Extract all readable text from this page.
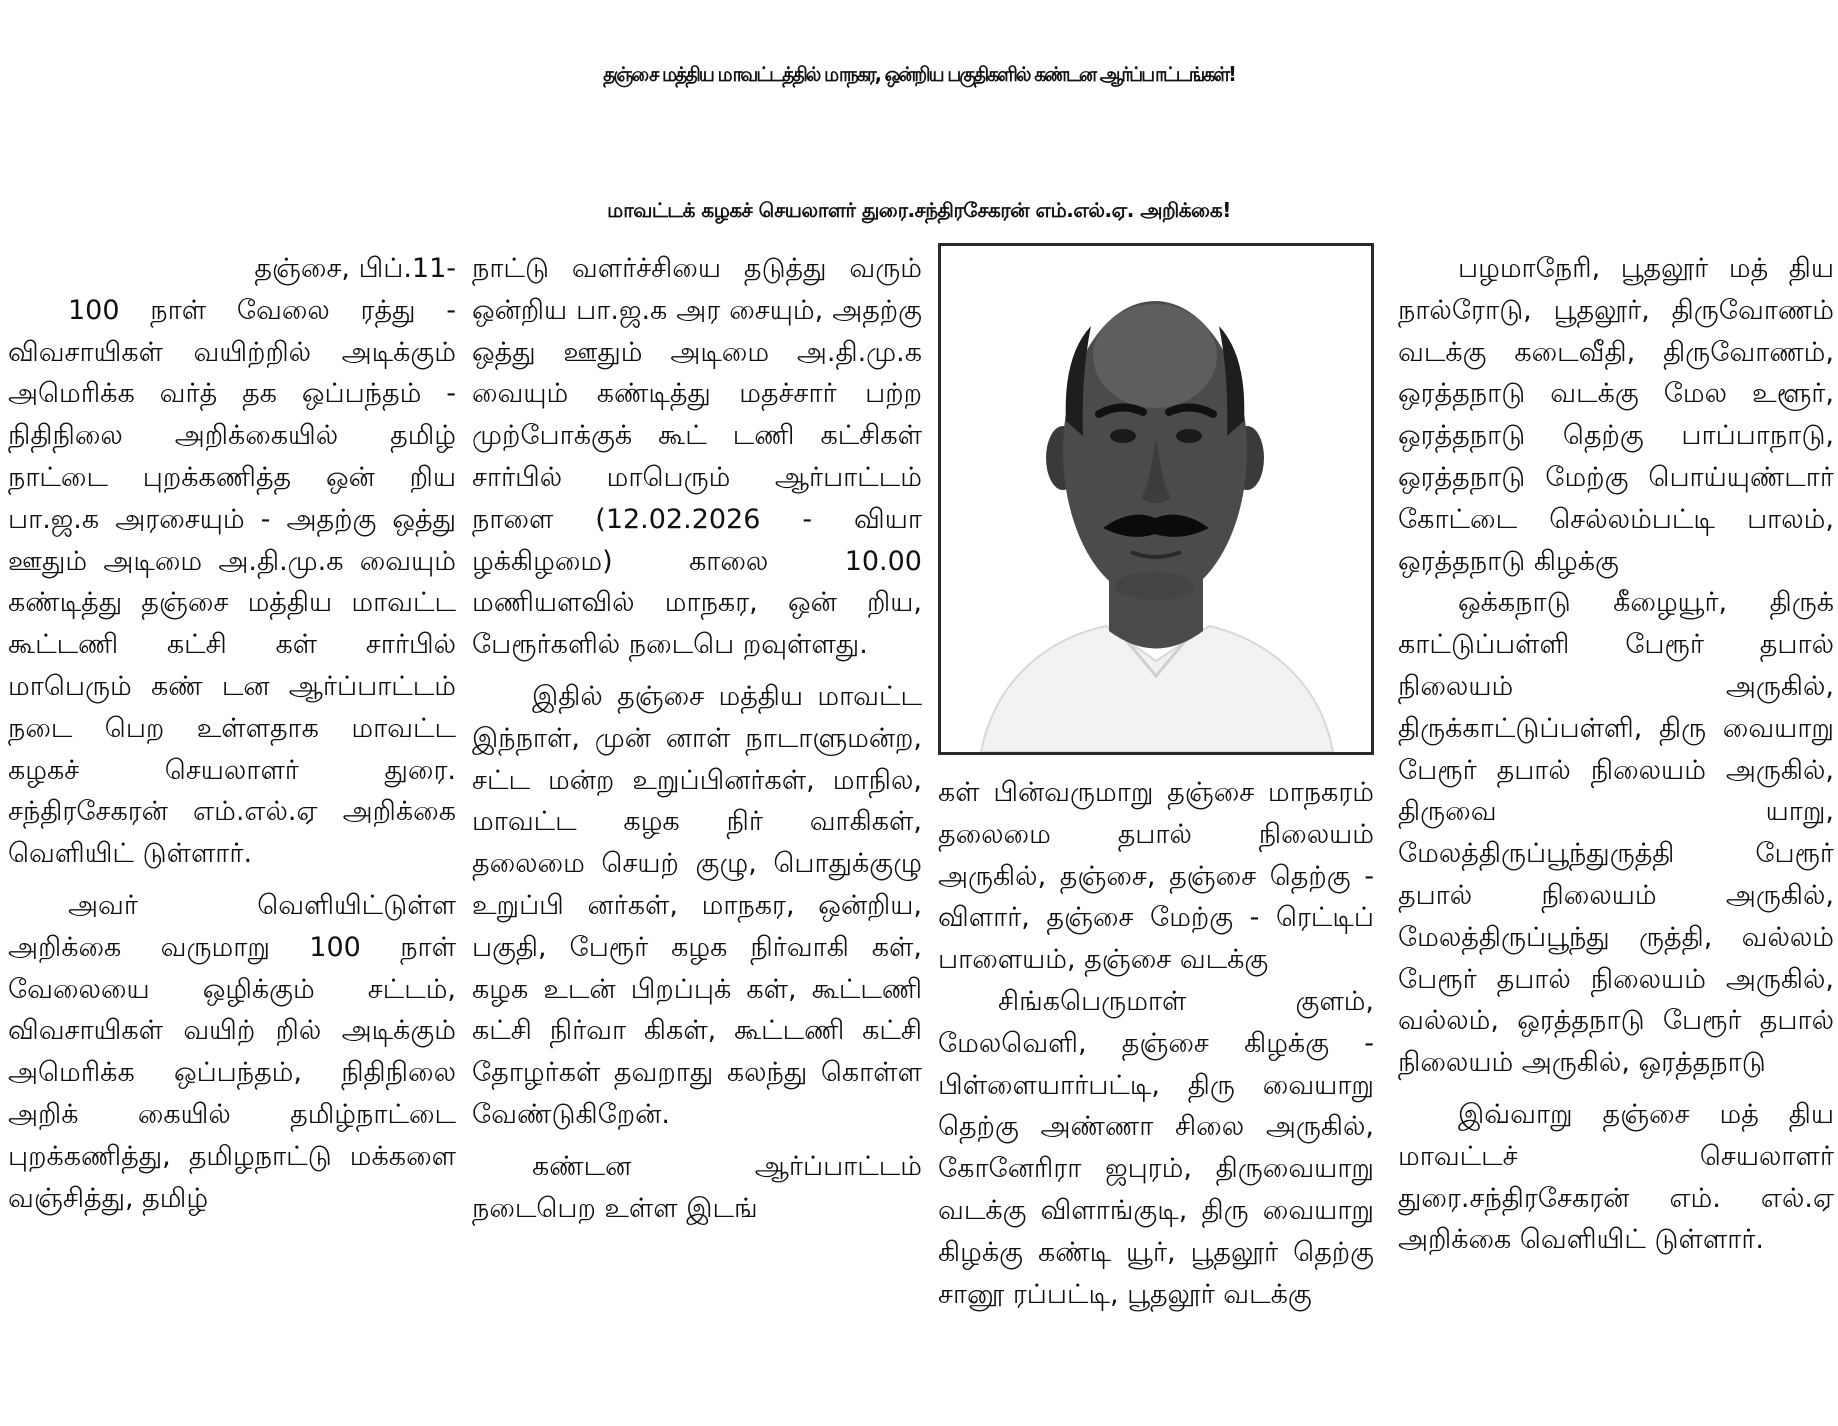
தஞ்சை மத்திய மாவட்டத்தில் மாநகர, ஒன்றிய பகுதிகளில் கண்டன ஆர்ப்பாட்டங்கள்!
மாவட்டக் கழகச் செயலாளர் துரை.சந்திரசேகரன் எம்.எல்.ஏ. அறிக்கை!

தஞ்சை, பிப்.11-

100 நாள் வேலை ரத்து - விவசாயிகள் வயிற்றில் அடிக்கும் அமெரிக்க வர்த் தக ஒப்பந்தம் - நிதிநிலை அறிக்கையில் தமிழ் நாட்டை புறக்கணித்த ஒன் றிய பா.ஜ.க அரசையும் - அதற்கு ஒத்து ஊதும் அடிமை அ.தி.மு.க வையும் கண்டித்து தஞ்சை மத்திய மாவட்ட கூட்டணி கட்சி கள் சார்பில் மாபெரும் கண் டன ஆர்ப்பாட்டம் நடை பெற உள்ளதாக மாவட்ட கழகச் செயலாளர் துரை. சந்திரசேகரன் எம்.எல்.ஏ அறிக்கை வெளியிட் டுள்ளார்.

அவர் வெளியிட்டுள்ள அறிக்கை வருமாறு 100 நாள் வேலையை ஒழிக்கும் சட்டம், விவசாயிகள் வயிற் றில் அடிக்கும் அமெரிக்க ஒப்பந்தம், நிதிநிலை அறிக் கையில் தமிழ்நாட்டை புறக்கணித்து, தமிழநாட்டு மக்களை வஞ்சித்து, தமிழ்

நாட்டு வளர்ச்சியை தடுத்து வரும் ஒன்றிய பா.ஜ.க அர சையும், அதற்கு ஒத்து ஊதும் அடிமை அ.தி.மு.க வையும் கண்டித்து மதச்சார் பற்ற முற்போக்குக் கூட் டணி கட்சிகள் சார்பில் மாபெரும் ஆர்பாட்டம் நாளை (12.02.2026 - வியா ழக்கிழமை) காலை 10.00 மணியளவில் மாநகர, ஒன் றிய, பேரூர்களில் நடைபெ றவுள்ளது.

இதில் தஞ்சை மத்திய மாவட்ட இந்நாள், முன் னாள் நாடாளுமன்ற, சட்ட மன்ற உறுப்பினர்கள், மாநில, மாவட்ட கழக நிர் வாகிகள், தலைமை செயற் குழு, பொதுக்குழு உறுப்பி னர்கள், மாநகர, ஒன்றிய, பகுதி, பேரூர் கழக நிர்வாகி கள், கழக உடன் பிறப்புக் கள், கூட்டணி கட்சி நிர்வா கிகள், கூட்டணி கட்சி தோழர்கள் தவறாது கலந்து கொள்ள வேண்டுகிறேன்.

கண்டன ஆர்ப்பாட்டம் நடைபெற உள்ள இடங்

கள் பின்வருமாறு தஞ்சை மாநகரம் தலைமை தபால் நிலையம் அருகில், தஞ்சை, தஞ்சை தெற்கு - விளார், தஞ்சை மேற்கு - ரெட்டிப் பாளையம், தஞ்சை வடக்கு

சிங்கபெருமாள் குளம், மேலவெளி, தஞ்சை கிழக்கு - பிள்ளையார்பட்டி, திரு வையாறு தெற்கு அண்ணா சிலை அருகில், கோனேரிரா ஜபுரம், திருவையாறு வடக்கு விளாங்குடி, திரு வையாறு கிழக்கு கண்டி யூர், பூதலூர் தெற்கு சானூ ரப்பட்டி, பூதலூர் வடக்கு

பழமாநேரி, பூதலூர் மத் திய நால்ரோடு, பூதலூர், திருவோணம் வடக்கு கடைவீதி, திருவோணம், ஒரத்தநாடு வடக்கு மேல உளூர், ஒரத்தநாடு தெற்கு பாப்பாநாடு, ஒரத்தநாடு மேற்கு பொய்யுண்டார் கோட்டை செல்லம்பட்டி பாலம், ஒரத்தநாடு கிழக்கு

ஒக்கநாடு கீழையூர், திருக் காட்டுப்பள்ளி பேரூர் தபால் நிலையம் அருகில், திருக்காட்டுப்பள்ளி, திரு வையாறு பேரூர் தபால் நிலையம் அருகில், திருவை யாறு, மேலத்திருப்பூந்துருத்தி பேரூர் தபால் நிலையம் அருகில், மேலத்திருப்பூந்து ருத்தி, வல்லம் பேரூர் தபால் நிலையம் அருகில், வல்லம், ஒரத்தநாடு பேரூர் தபால் நிலையம் அருகில், ஒரத்தநாடு

இவ்வாறு தஞ்சை மத் திய மாவட்டச் செயலாளர் துரை.சந்திரசேகரன் எம். எல்.ஏ அறிக்கை வெளியிட் டுள்ளார்.
